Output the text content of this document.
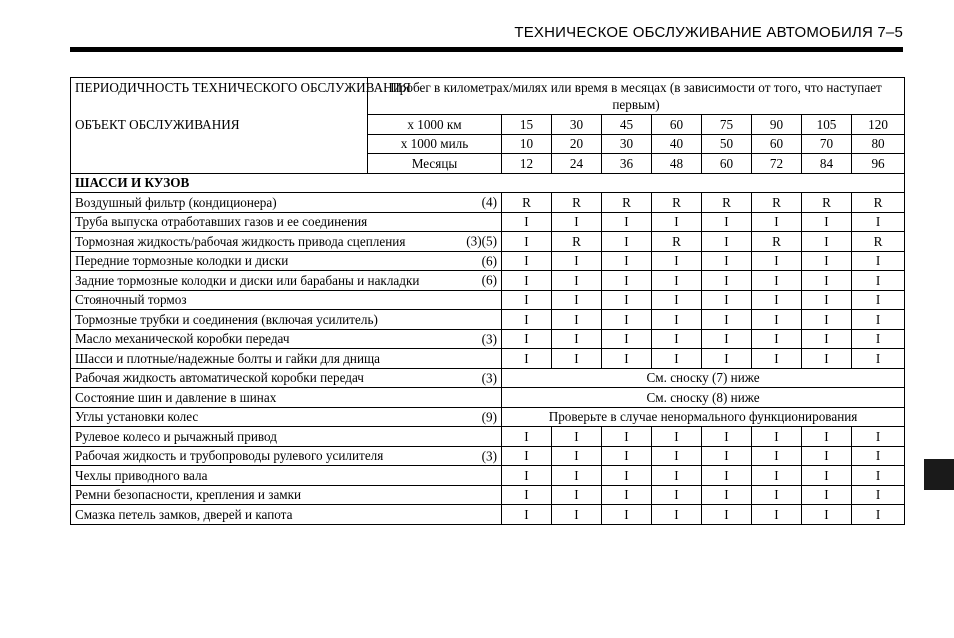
ТЕХНИЧЕСКОЕ ОБСЛУЖИВАНИЕ АВТОМОБИЛЯ 7–5
ПЕРИОДИЧНОСТЬ ТЕХНИЧЕСКОГО ОБСЛУЖИВАНИЯ
ОБЪЕКТ ОБСЛУЖИВАНИЯ	Пробег в километрах/милях или время в месяцах (в зависимости от того, что наступает первым)								
	x 1000 км	15	30	45	60	75	90	105	120
	x 1000 миль	10	20	30	40	50	60	70	80
	Месяцы	12	24	36	48	60	72	84	96
ШАССИ И КУЗОВ									
Воздушный фильтр (кондиционера) (4)		R	R	R	R	R	R	R	R
Труба выпуска отработавших газов и ее соединения		I	I	I	I	I	I	I	I
Тормозная жидкость/рабочая жидкость привода сцепления (3)(5)		I	R	I	R	I	R	I	R
Передние тормозные колодки и диски (6)		I	I	I	I	I	I	I	I
Задние тормозные колодки и диски или барабаны и накладки (6)		I	I	I	I	I	I	I	I
Стояночный тормоз		I	I	I	I	I	I	I	I
Тормозные трубки и соединения (включая усилитель)		I	I	I	I	I	I	I	I
Масло механической коробки передач (3)		I	I	I	I	I	I	I	I
Шасси и плотные/надежные болты и гайки для днища		I	I	I	I	I	I	I	I
Рабочая жидкость автоматической коробки передач (3)		См. сноску (7) ниже							
Состояние шин и давление в шинах		См. сноску (8) ниже							
Углы установки колес (9)		Проверьте в случае ненормального функционирования							
Рулевое колесо и рычажный привод		I	I	I	I	I	I	I	I
Рабочая жидкость и трубопроводы рулевого усилителя (3)		I	I	I	I	I	I	I	I
Чехлы приводного вала		I	I	I	I	I	I	I	I
Ремни безопасности, крепления и замки		I	I	I	I	I	I	I	I
Смазка петель замков, дверей и капота		I	I	I	I	I	I	I	I
